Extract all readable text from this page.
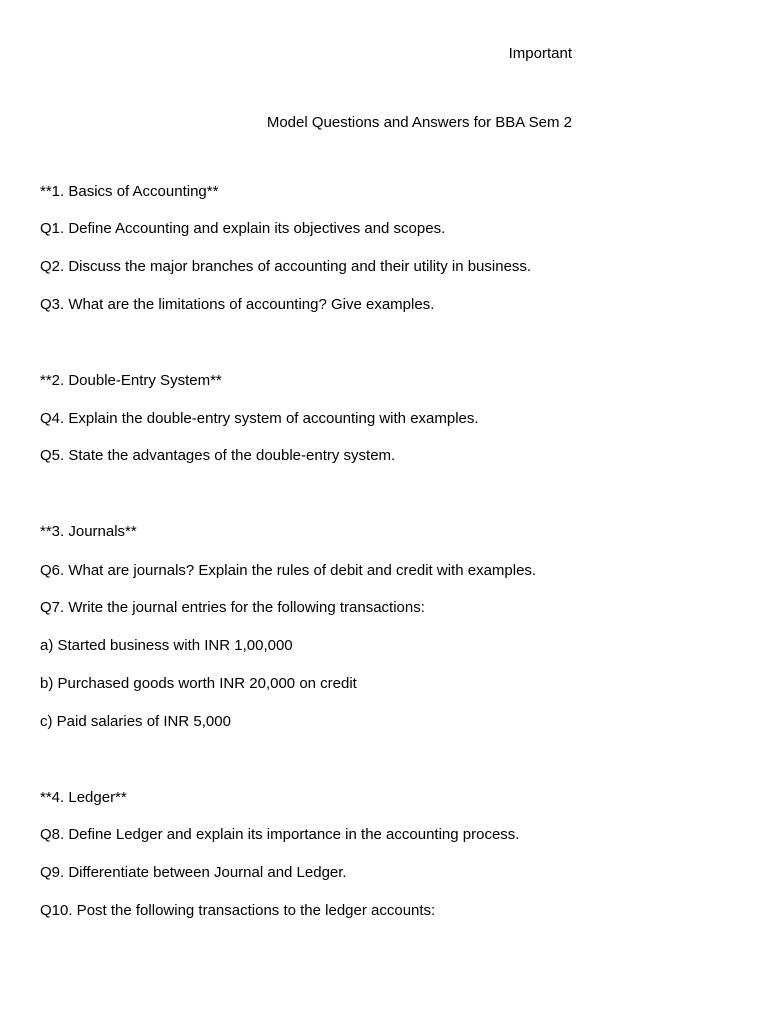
Important
Model Questions and Answers for BBA Sem 2
**1. Basics of Accounting**
Q1. Define Accounting and explain its objectives and scopes.
Q2. Discuss the major branches of accounting and their utility in business.
Q3. What are the limitations of accounting? Give examples.
**2. Double-Entry System**
Q4. Explain the double-entry system of accounting with examples.
Q5. State the advantages of the double-entry system.
**3. Journals**
Q6. What are journals? Explain the rules of debit and credit with examples.
Q7. Write the journal entries for the following transactions:
a) Started business with INR 1,00,000
b) Purchased goods worth INR 20,000 on credit
c) Paid salaries of INR 5,000
**4. Ledger**
Q8. Define Ledger and explain its importance in the accounting process.
Q9. Differentiate between Journal and Ledger.
Q10. Post the following transactions to the ledger accounts:
